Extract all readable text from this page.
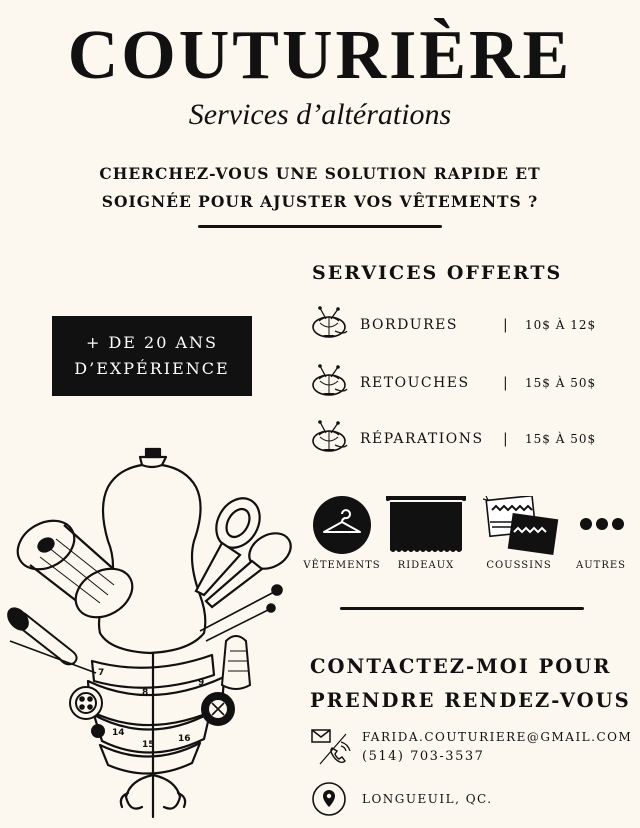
COUTURIÈRE
Services d’altérations
CHERCHEZ-VOUS UNE SOLUTION RAPIDE ET
SOIGNÉE POUR AJUSTER VOS VÊTEMENTS ?
+ DE 20 ANS
D’EXPÉRIENCE
SERVICES OFFERTS
BORDURES	| 10$ À 12$
RETOUCHES | 15$ À 50$
RÉPARATIONS | 15$ À 50$
VÊTEMENTS	RIDEAUX	COUSSINS	AUTRES
CONTACTEZ-MOI POUR
PRENDRE RENDEZ-VOUS
FARIDA.COUTURIERE@GMAIL.COM
(514) 703-3537
LONGUEUIL, QC.
7
8
9
14
15
16
